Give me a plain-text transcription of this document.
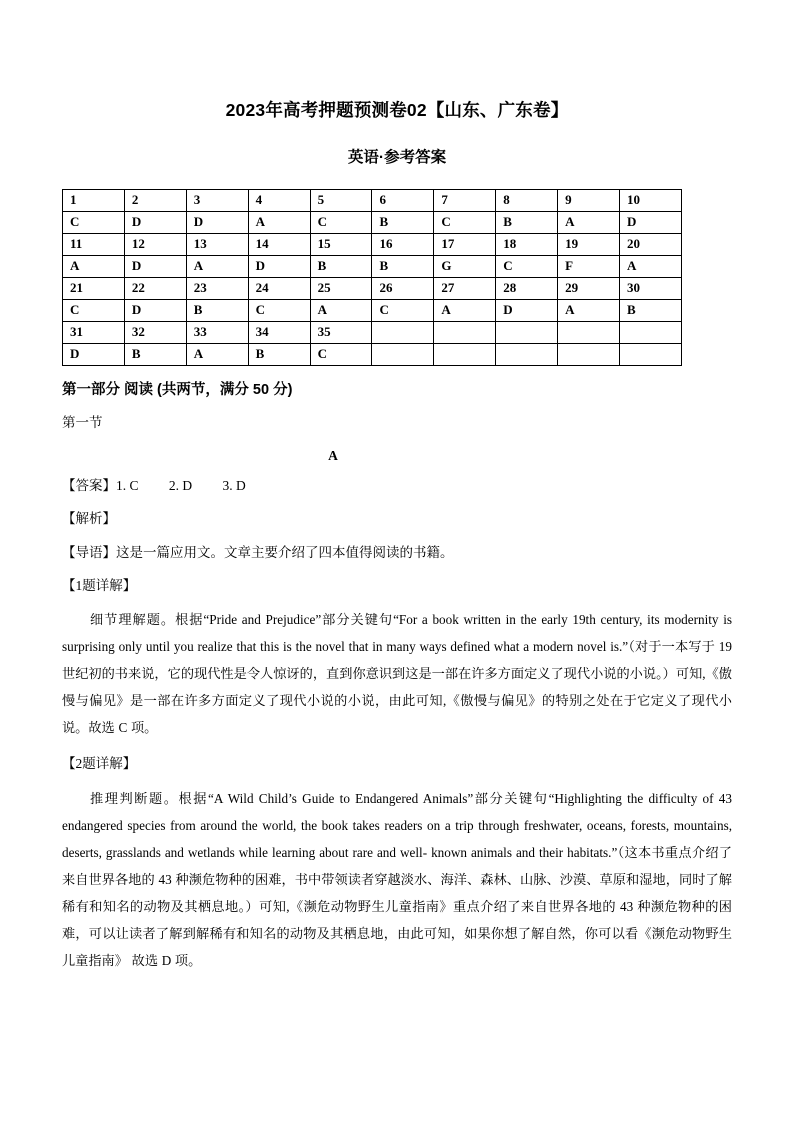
2023年高考押题预测卷02【山东、广东卷】
英语·参考答案
1	2	3	4	5	6	7	8	9	10
C	D	D	A	C	B	C	B	A	D
11	12	13	14	15	16	17	18	19	20
A	D	A	D	B	B	G	C	F	A
21	22	23	24	25	26	27	28	29	30
C	D	B	C	A	C	A	D	A	B
31	32	33	34	35					
D	B	A	B	C					

第一部分 阅读 (共两节，满分 50 分)

第一节

A

【答案】1. C　　 2. D　　 3. D

【解析】

【导语】这是一篇应用文。文章主要介绍了四本值得阅读的书籍。

【1题详解】

细节理解题。根据“Pride and Prejudice”部分关键句“For a book written in the early 19th century, its modernity is surprising only until you realize that this is the novel that in many ways defined what a modern novel is.”（对于一本写于 19 世纪初的书来说，它的现代性是令人惊讶的，直到你意识到这是一部在许多方面定义了现代小说的小说。）可知,《傲慢与偏见》是一部在许多方面定义了现代小说的小说，由此可知,《傲慢与偏见》的特别之处在于它定义了现代小说。故选 C 项。

【2题详解】

推理判断题。根据“A Wild Child’s Guide to Endangered Animals”部分关键句“Highlighting the difficulty of 43 endangered species from around the world, the book takes readers on a trip through freshwater, oceans, forests, mountains, deserts, grasslands and wetlands while learning about rare and well- known animals and their habitats.”（这本书重点介绍了来自世界各地的 43 种濒危物种的困难，书中带领读者穿越淡水、海洋、森林、山脉、沙漠、草原和湿地，同时了解稀有和知名的动物及其栖息地。）可知,《濒危动物野生儿童指南》重点介绍了来自世界各地的 43 种濒危物种的困难，可以让读者了解到解稀有和知名的动物及其栖息地，由此可知，如果你想了解自然，你可以看《濒危动物野生儿童指南》 故选 D 项。
